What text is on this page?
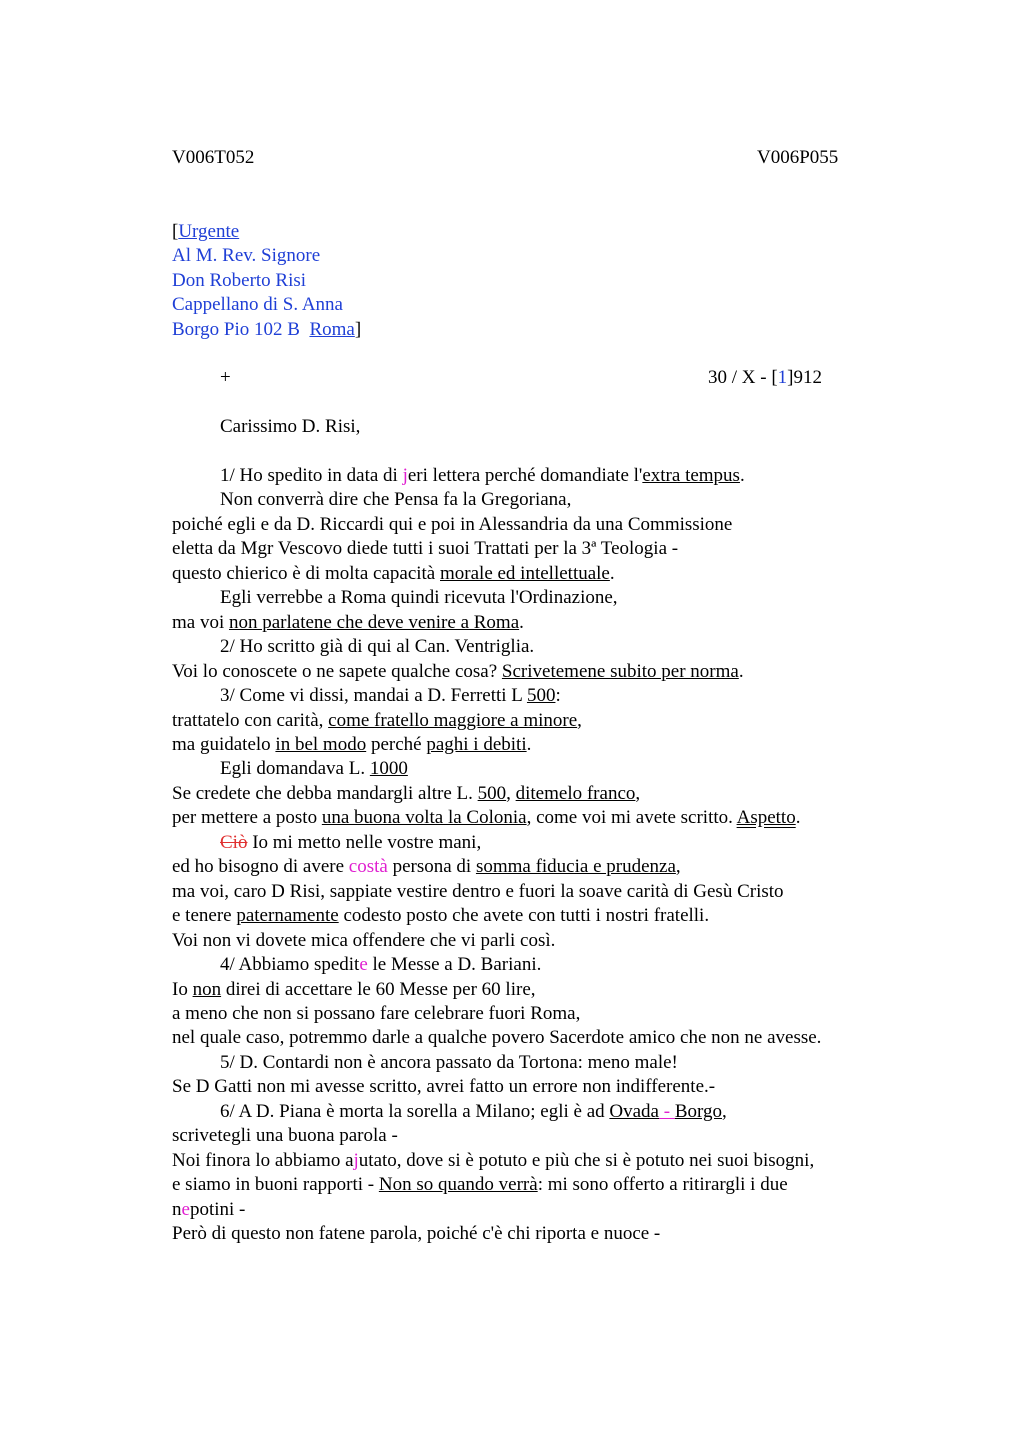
V006T052	V006P055
[Urgente
Al M. Rev. Signore
Don Roberto Risi
Cappellano di S. Anna
Borgo Pio 102 B Roma]
+	30 / X - [1]912
Carissimo D. Risi,
1/ Ho spedito in data di jeri lettera perché domandiate l'extra tempus.
Non converrà dire che Pensa fa la Gregoriana,
poiché egli e da D. Riccardi qui e poi in Alessandria da una Commissione
eletta da Mgr Vescovo diede tutti i suoi Trattati per la 3ª Teologia -
questo chierico è di molta capacità morale ed intellettuale.
Egli verrebbe a Roma quindi ricevuta l'Ordinazione,
ma voi non parlatene che deve venire a Roma.
2/ Ho scritto già di qui al Can. Ventriglia.
Voi lo conoscete o ne sapete qualche cosa? Scrivetemene subito per norma.
3/ Come vi dissi, mandai a D. Ferretti L 500:
trattatelo con carità, come fratello maggiore a minore,
ma guidatelo in bel modo perché paghi i debiti.
Egli domandava L. 1000
Se credete che debba mandargli altre L. 500, ditemelo franco,
per mettere a posto una buona volta la Colonia, come voi mi avete scritto. Aspetto.
Ciò Io mi metto nelle vostre mani,
ed ho bisogno di avere costà persona di somma fiducia e prudenza,
ma voi, caro D Risi, sappiate vestire dentro e fuori la soave carità di Gesù Cristo
e tenere paternamente codesto posto che avete con tutti i nostri fratelli.
Voi non vi dovete mica offendere che vi parli così.
4/ Abbiamo spedite le Messe a D. Bariani.
Io non direi di accettare le 60 Messe per 60 lire,
a meno che non si possano fare celebrare fuori Roma,
nel quale caso, potremmo darle a qualche povero Sacerdote amico che non ne avesse.
5/ D. Contardi non è ancora passato da Tortona: meno male!
Se D Gatti non mi avesse scritto, avrei fatto un errore non indifferente.-
6/ A D. Piana è morta la sorella a Milano; egli è ad Ovada - Borgo,
scrivetegli una buona parola -
Noi finora lo abbiamo ajutato, dove si è potuto e più che si è potuto nei suoi bisogni,
e siamo in buoni rapporti - Non so quando verrà: mi sono offerto a ritirargli i due
nepotini -
Però di questo non fatene parola, poiché c'è chi riporta e nuoce -
